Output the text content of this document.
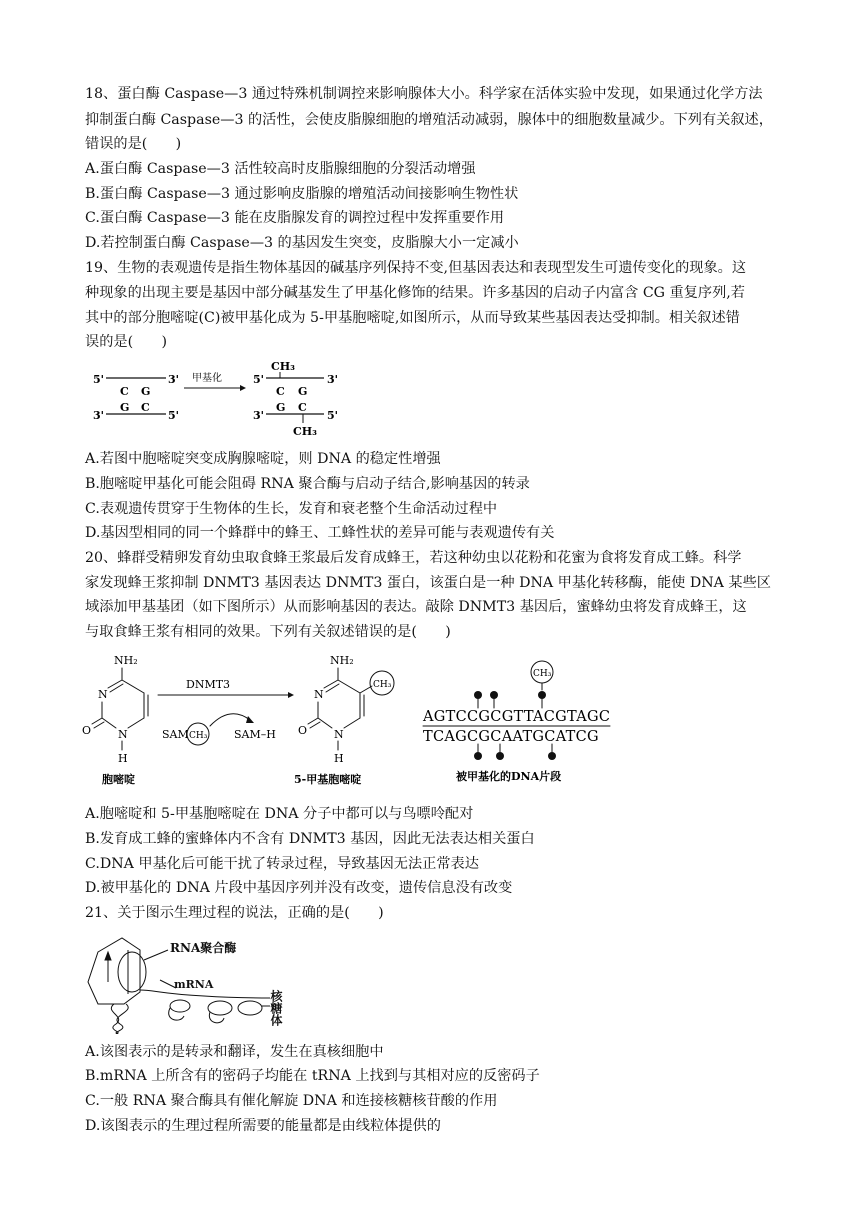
18、蛋白酶 Caspase—3 通过特殊机制调控来影响腺体大小。科学家在活体实验中发现，如果通过化学方法
抑制蛋白酶 Caspase—3 的活性，会使皮脂腺细胞的增殖活动减弱，腺体中的细胞数量减少。下列有关叙述，
错误的是(　　)
A.蛋白酶 Caspase—3 活性较高时皮脂腺细胞的分裂活动增强
B.蛋白酶 Caspase—3 通过影响皮脂腺的增殖活动间接影响生物性状
C.蛋白酶 Caspase—3 能在皮脂腺发育的调控过程中发挥重要作用
D.若控制蛋白酶 Caspase—3 的基因发生突变，皮脂腺大小一定减小
19、生物的表观遗传是指生物体基因的碱基序列保持不变,但基因表达和表现型发生可遗传变化的现象。这
种现象的出现主要是基因中部分碱基发生了甲基化修饰的结果。许多基因的启动子内富含 CG 重复序列,若
其中的部分胞嘧啶(C)被甲基化成为 5-甲基胞嘧啶,如图所示，从而导致某些基因表达受抑制。相关叙述错
误的是(　　)
5'	3'
C G
G C
3'	5'
甲基化
CH₃
5'	3'
C G
G C
3'	5'
CH₃
A.若图中胞嘧啶突变成胸腺嘧啶，则 DNA 的稳定性增强
B.胞嘧啶甲基化可能会阻碍 RNA 聚合酶与启动子结合,影响基因的转录
C.表观遗传贯穿于生物体的生长，发育和衰老整个生命活动过程中
D.基因型相同的同一个蜂群中的蜂王、工蜂性状的差异可能与表观遗传有关
20、蜂群受精卵发育幼虫取食蜂王浆最后发育成蜂王，若这种幼虫以花粉和花蜜为食将发育成工蜂。科学
家发现蜂王浆抑制 DNMT3 基因表达 DNMT3 蛋白，该蛋白是一种 DNA 甲基化转移酶，能使 DNA 某些区
域添加甲基基团（如下图所示）从而影响基因的表达。敲除 DNMT3 基因后，蜜蜂幼虫将发育成蜂王，这
与取食蜂王浆有相同的效果。下列有关叙述错误的是(　　)
NH₂
N
O N
H
胞嘧啶
DNMT3
SAM CH₃ SAM–H
NH₂
CH₃
N
O N
H
5-甲基胞嘧啶
CH₃
AGTCCGCGTTACGTAGC
TCAGCGCAATGCATCG
被甲基化的DNA片段
A.胞嘧啶和 5-甲基胞嘧啶在 DNA 分子中都可以与鸟嘌呤配对
B.发育成工蜂的蜜蜂体内不含有 DNMT3 基因，因此无法表达相关蛋白
C.DNA 甲基化后可能干扰了转录过程，导致基因无法正常表达
D.被甲基化的 DNA 片段中基因序列并没有改变，遗传信息没有改变
21、关于图示生理过程的说法，正确的是(　　)
RNA聚合酶
mRNA
核糖体
A.该图表示的是转录和翻译，发生在真核细胞中
B.mRNA 上所含有的密码子均能在 tRNA 上找到与其相对应的反密码子
C.一般 RNA 聚合酶具有催化解旋 DNA 和连接核糖核苷酸的作用
D.该图表示的生理过程所需要的能量都是由线粒体提供的
